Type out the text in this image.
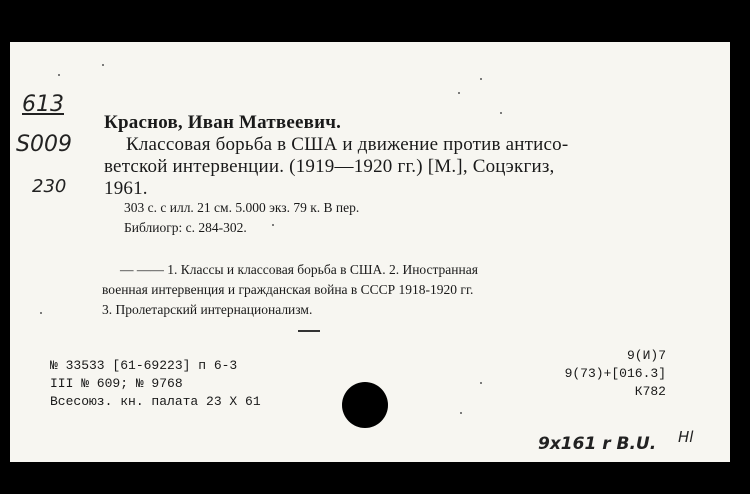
613
S009
230
Краснов, Иван Матвеевич.
Классовая борьба в США и движение против антисо-
ветской интервенции. (1919—1920 гг.) [М.], Соцэкгиз,
1961.
303 с. с илл. 21 см. 5.000 экз. 79 к. В пер.
Библиогр: с. 284-302.
— —— 1. Классы и классовая борьба в США. 2. Иностранная
военная интервенция и гражданская война в СССР 1918-1920 гг.
3. Пролетарский интернационализм.
№ 33533 [61-69223] п 6-3
III № 609; № 9768
Всесоюз. кн. палата 23 X 61
9(И)7
9(73)+[016.3]
К782
9x161 r B.U. Hl
